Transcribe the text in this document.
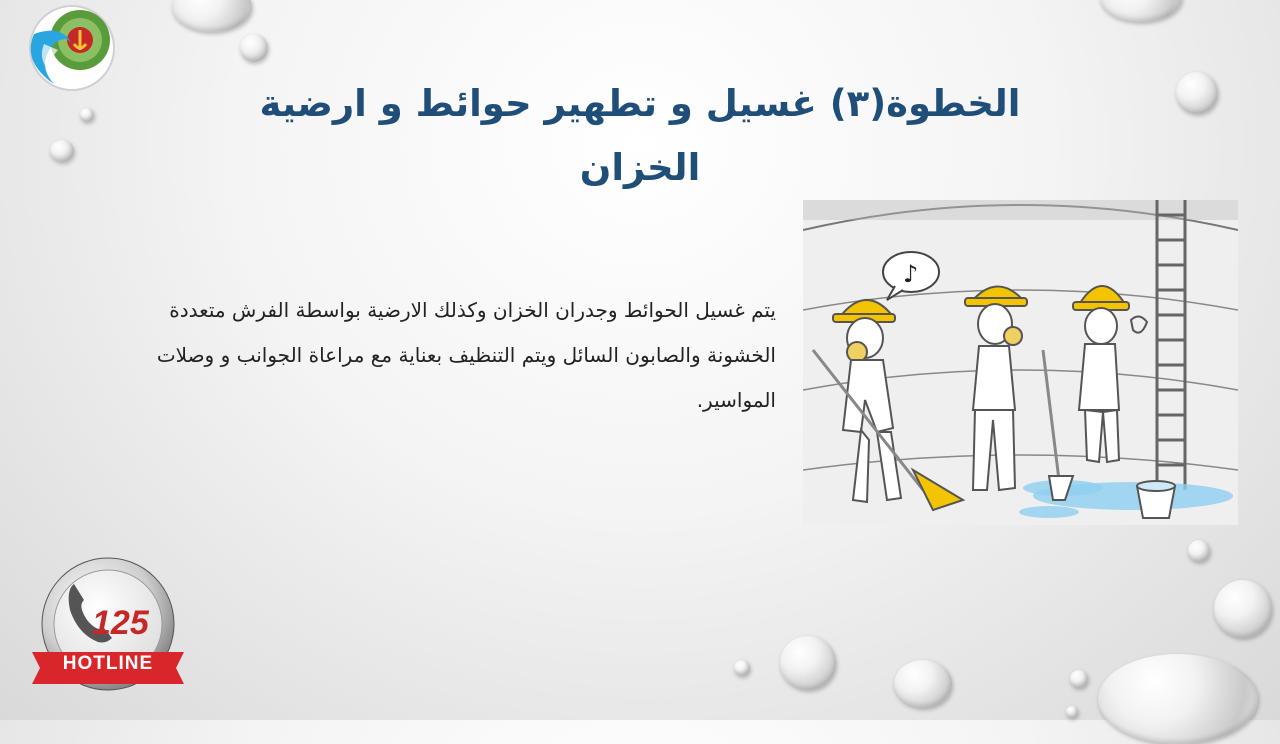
الخطوة(٣) غسيل و تطهير حوائط و ارضية الخزان
يتم غسيل الحوائط وجدران الخزان وكذلك الارضية بواسطة الفرش متعددة الخشونة والصابون السائل ويتم التنظيف بعناية مع مراعاة الجوانب و وصلات المواسير.
♪
125
HOTLINE
